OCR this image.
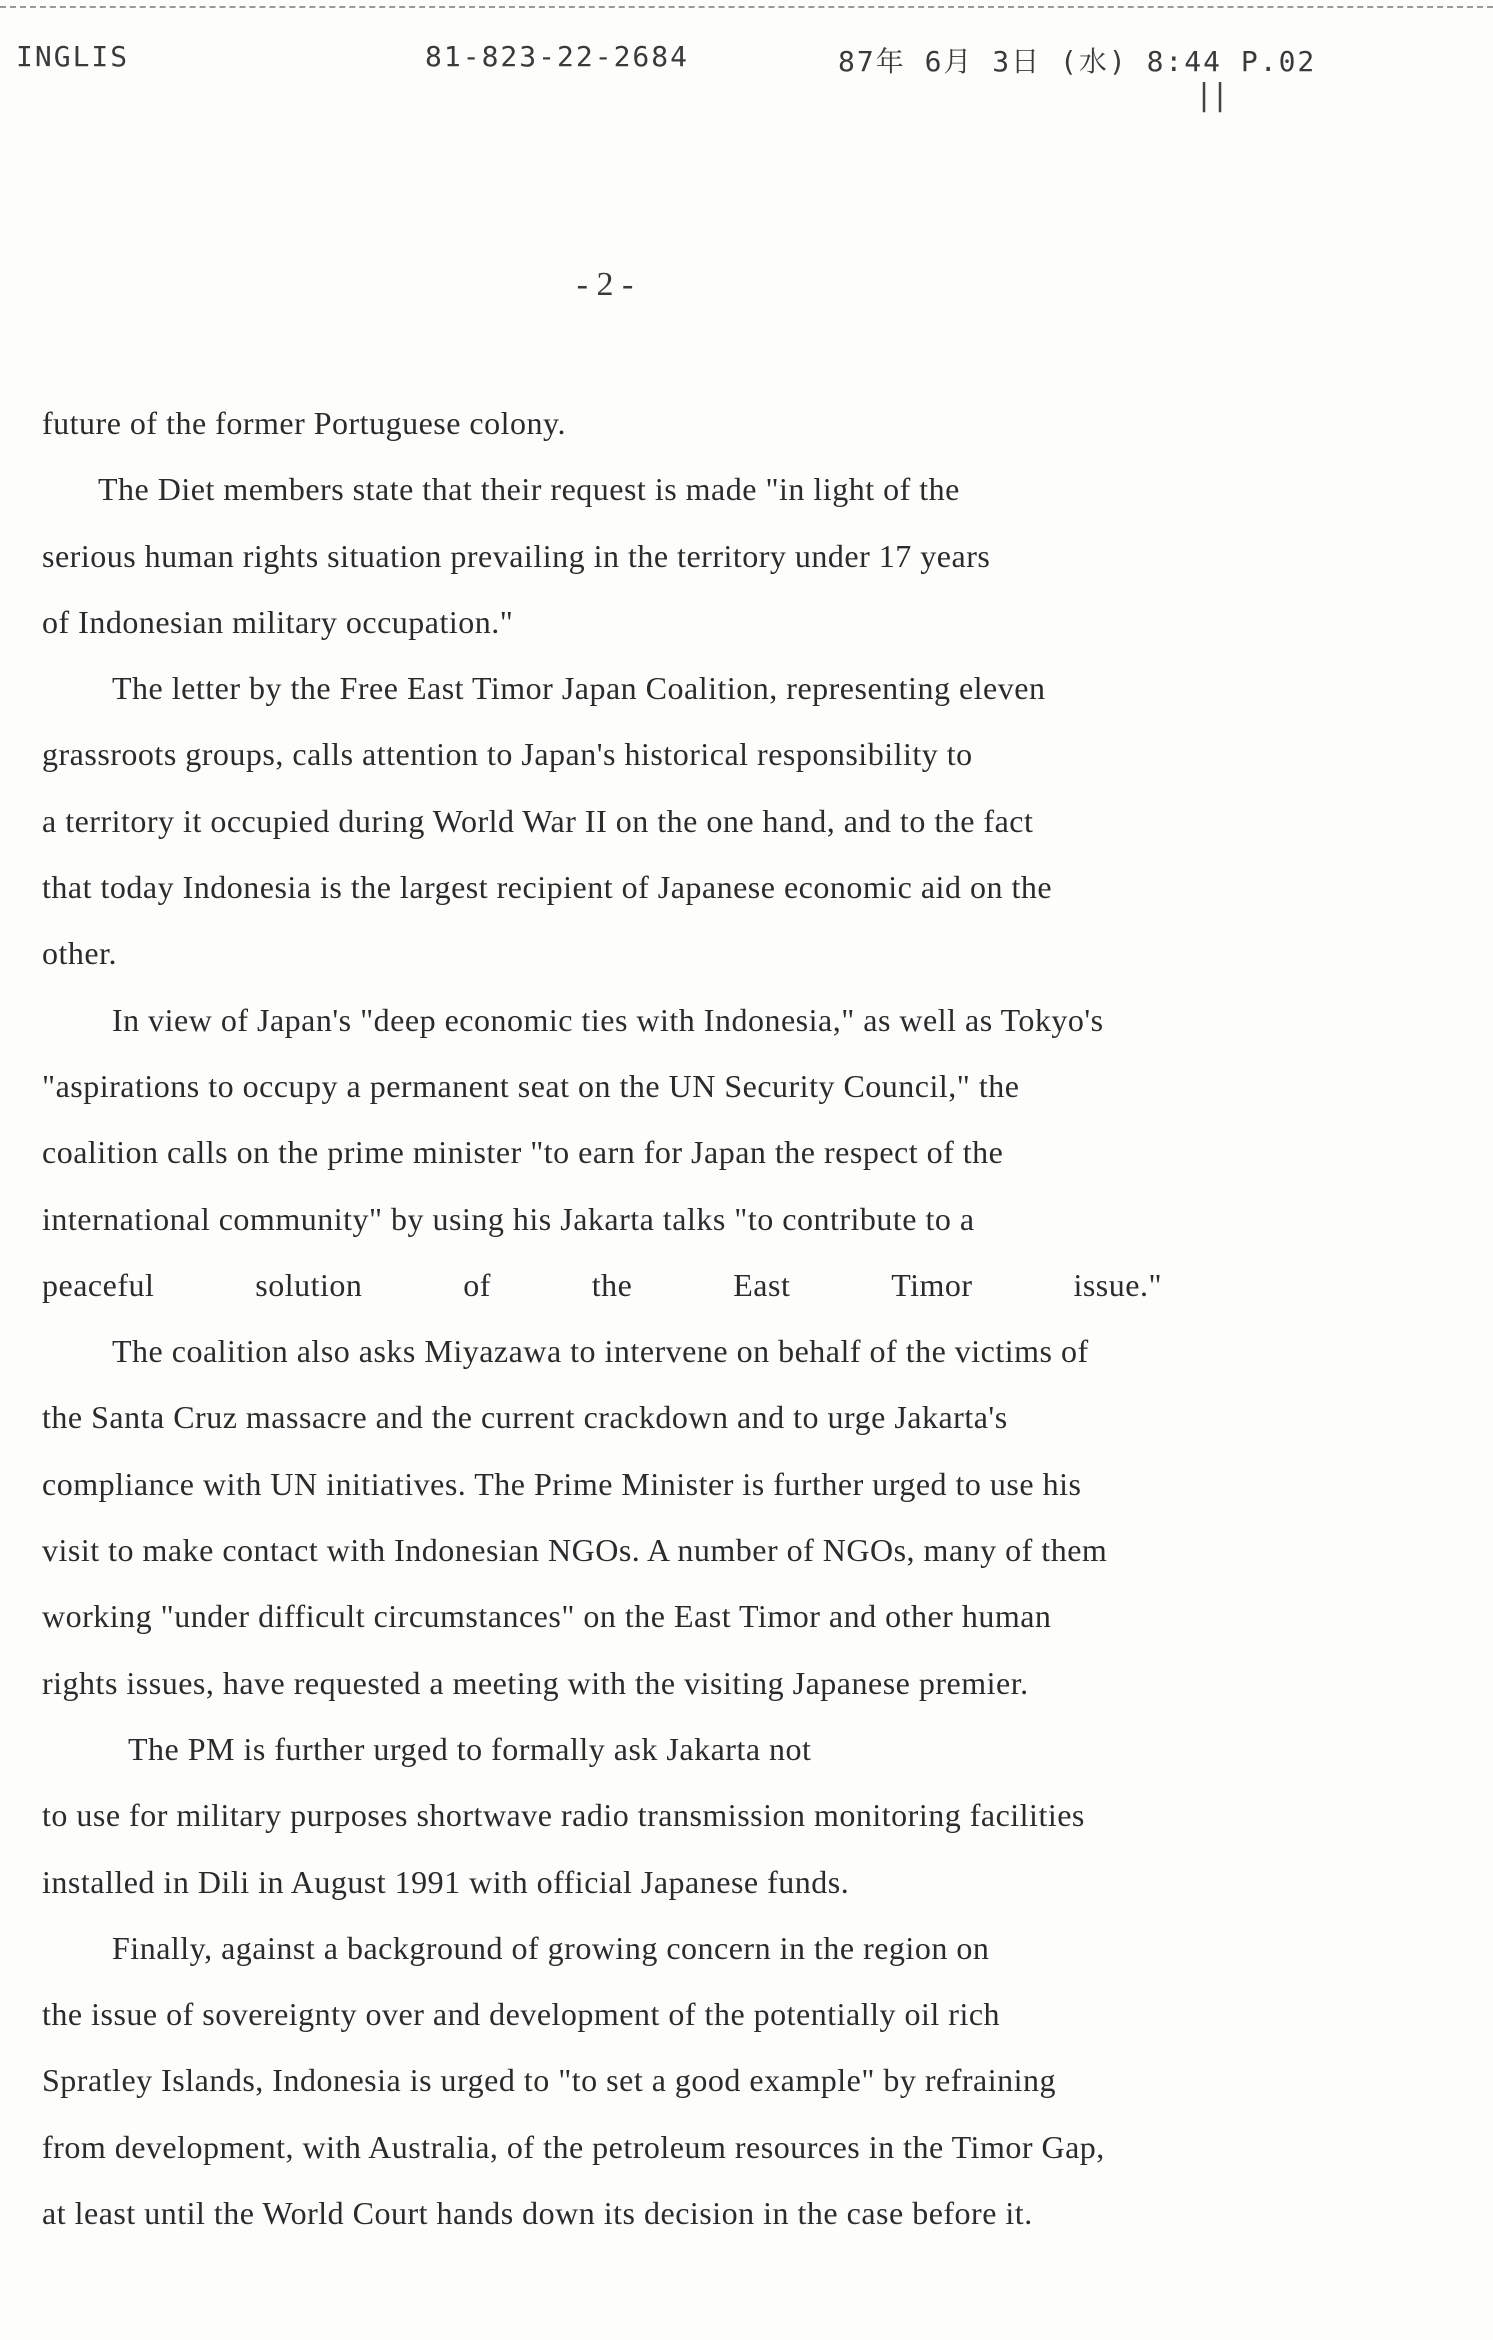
INGLIS	81-823-22-2684	87年 6月 3日 (水) 8:44 P.02
||
- 2 -
future of the former Portuguese colony.
The Diet members state that their request is made "in light of the
serious human rights situation prevailing in the territory under 17 years
of Indonesian military occupation."
The letter by the Free East Timor Japan Coalition, representing eleven
grassroots groups, calls attention to Japan's historical responsibility to
a territory it occupied during World War II on the one hand, and to the fact
that today Indonesia is the largest recipient of Japanese economic aid on the
other.
In view of Japan's "deep economic ties with Indonesia," as well as Tokyo's
"aspirations to occupy a permanent seat on the UN Security Council," the
coalition calls on the prime minister "to earn for Japan the respect of the
international community" by using his Jakarta talks "to contribute to a
peaceful	solution	of	the	East	Timor	issue."
The coalition also asks Miyazawa to intervene on behalf of the victims of
the Santa Cruz massacre and the current crackdown and to urge Jakarta's
compliance with UN initiatives. The Prime Minister is further urged to use his
visit to make contact with Indonesian NGOs. A number of NGOs, many of them
working "under difficult circumstances" on the East Timor and other human
rights issues, have requested a meeting with the visiting Japanese premier.
The PM is further urged to formally ask Jakarta not
to use for military purposes shortwave radio transmission monitoring facilities
installed in Dili in August 1991 with official Japanese funds.
Finally, against a background of growing concern in the region on
the issue of sovereignty over and development of the potentially oil rich
Spratley Islands, Indonesia is urged to "to set a good example" by refraining
from development, with Australia, of the petroleum resources in the Timor Gap,
at least until the World Court hands down its decision in the case before it.
